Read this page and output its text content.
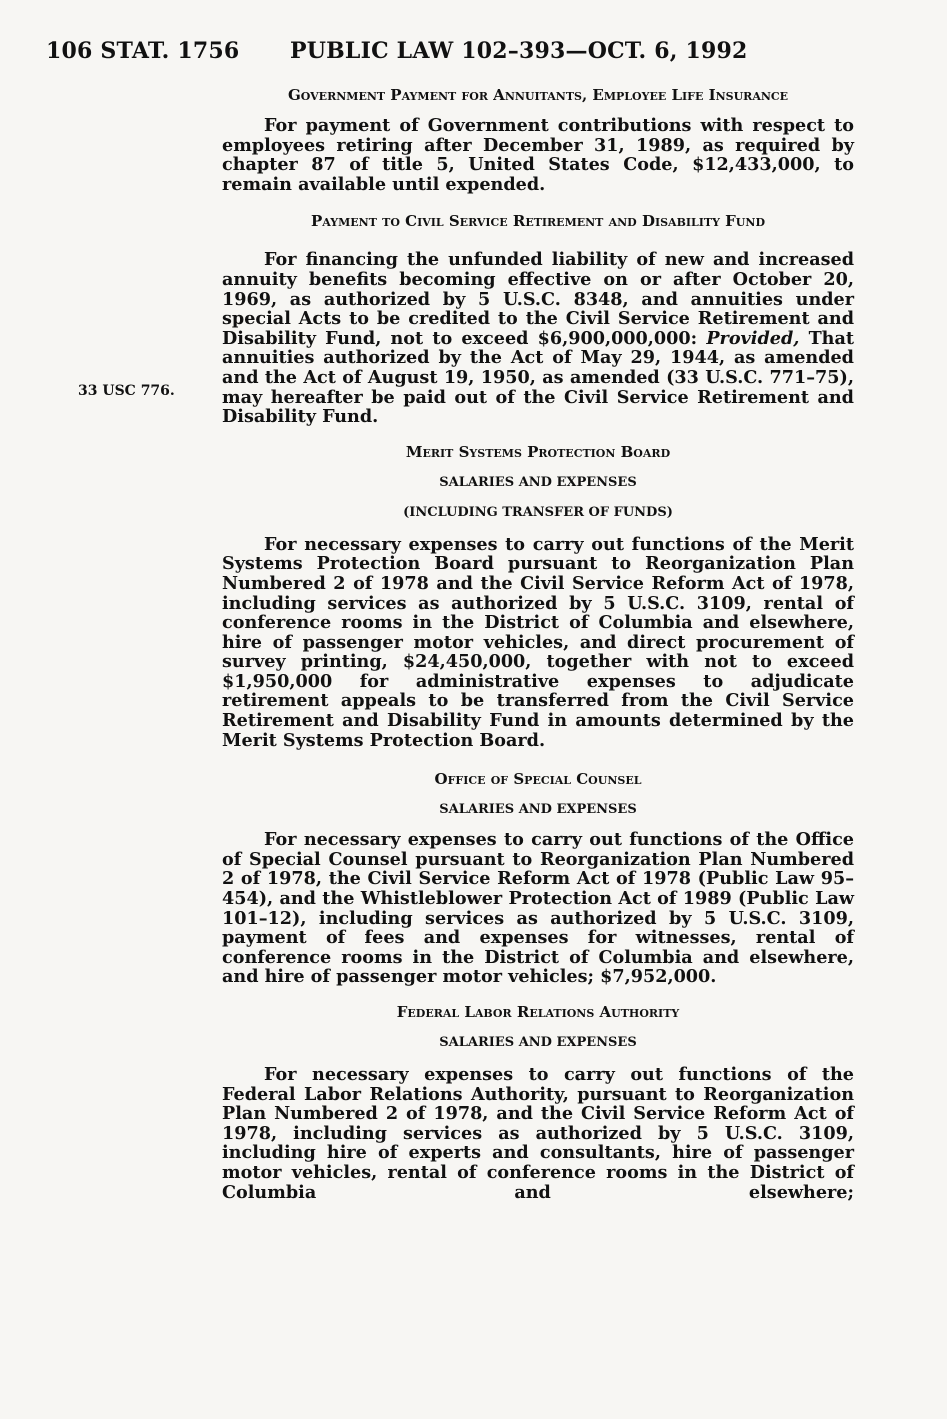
106 STAT. 1756 PUBLIC LAW 102–393—OCT. 6, 1992
33 USC 776.
Government Payment for Annuitants, Employee Life Insurance

For payment of Government contributions with respect to employees retiring after December 31, 1989, as required by chapter 87 of title 5, United States Code, $12,433,000, to remain available until expended.

Payment to Civil Service Retirement and Disability Fund

For financing the unfunded liability of new and increased annuity benefits becoming effective on or after October 20, 1969, as authorized by 5 U.S.C. 8348, and annuities under special Acts to be credited to the Civil Service Retirement and Disability Fund, not to exceed $6,900,000,000: Provided, That annuities authorized by the Act of May 29, 1944, as amended and the Act of August 19, 1950, as amended (33 U.S.C. 771–75), may hereafter be paid out of the Civil Service Retirement and Disability Fund.

Merit Systems Protection Board

SALARIES AND EXPENSES

(INCLUDING TRANSFER OF FUNDS)

For necessary expenses to carry out functions of the Merit Systems Protection Board pursuant to Reorganization Plan Numbered 2 of 1978 and the Civil Service Reform Act of 1978, including services as authorized by 5 U.S.C. 3109, rental of conference rooms in the District of Columbia and elsewhere, hire of passenger motor vehicles, and direct procurement of survey printing, $24,450,000, together with not to exceed $1,950,000 for administrative expenses to adjudicate retirement appeals to be transferred from the Civil Service Retirement and Disability Fund in amounts determined by the Merit Systems Protection Board.

Office of Special Counsel

SALARIES AND EXPENSES

For necessary expenses to carry out functions of the Office of Special Counsel pursuant to Reorganization Plan Numbered 2 of 1978, the Civil Service Reform Act of 1978 (Public Law 95–454), and the Whistleblower Protection Act of 1989 (Public Law 101–12), including services as authorized by 5 U.S.C. 3109, payment of fees and expenses for witnesses, rental of conference rooms in the District of Columbia and elsewhere, and hire of passenger motor vehicles; $7,952,000.

Federal Labor Relations Authority

SALARIES AND EXPENSES

For necessary expenses to carry out functions of the Federal Labor Relations Authority, pursuant to Reorganization Plan Numbered 2 of 1978, and the Civil Service Reform Act of 1978, including services as authorized by 5 U.S.C. 3109, including hire of experts and consultants, hire of passenger motor vehicles, rental of conference rooms in the District of Columbia and elsewhere;
